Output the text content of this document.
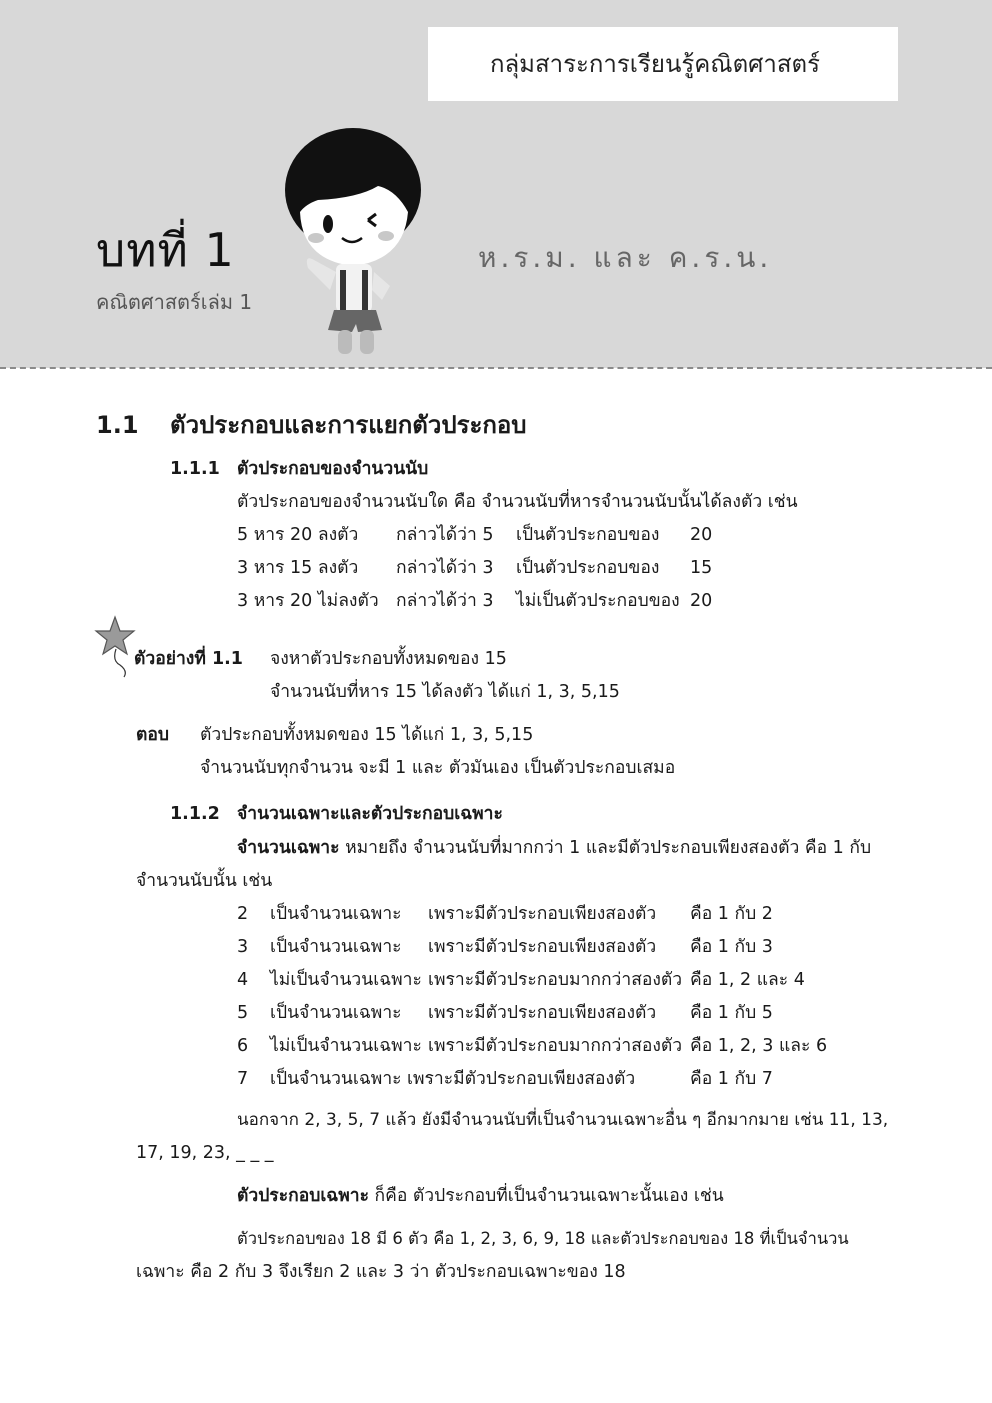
กลุ่มสาระการเรียนรู้คณิตศาสตร์
บทที่ 1
คณิตศาสตร์เล่ม 1
ห.ร.ม. และ ค.ร.น.
1.1 ตัวประกอบและการแยกตัวประกอบ
1.1.1 ตัวประกอบของจำนวนนับ
ตัวประกอบของจำนวนนับใด คือ จำนวนนับที่หารจำนวนนับนั้นได้ลงตัว เช่น
5 หาร 20 ลงตัว กล่าวได้ว่า 5 เป็นตัวประกอบของ 20
3 หาร 15 ลงตัว กล่าวได้ว่า 3 เป็นตัวประกอบของ 15
3 หาร 20 ไม่ลงตัว กล่าวได้ว่า 3 ไม่เป็นตัวประกอบของ 20
ตัวอย่างที่ 1.1 จงหาตัวประกอบทั้งหมดของ 15
จำนวนนับที่หาร 15 ได้ลงตัว ได้แก่ 1, 3, 5,15
ตอบ ตัวประกอบทั้งหมดของ 15 ได้แก่ 1, 3, 5,15
จำนวนนับทุกจำนวน จะมี 1 และ ตัวมันเอง เป็นตัวประกอบเสมอ
1.1.2 จำนวนเฉพาะและตัวประกอบเฉพาะ
จำนวนเฉพาะ หมายถึง จำนวนนับที่มากกว่า 1 และมีตัวประกอบเพียงสองตัว คือ 1 กับ
จำนวนนับนั้น เช่น
2 เป็นจำนวนเฉพาะ เพราะมีตัวประกอบเพียงสองตัว คือ 1 กับ 2
3 เป็นจำนวนเฉพาะ เพราะมีตัวประกอบเพียงสองตัว คือ 1 กับ 3
4 ไม่เป็นจำนวนเฉพาะ เพราะมีตัวประกอบมากกว่าสองตัว คือ 1, 2 และ 4
5 เป็นจำนวนเฉพาะ เพราะมีตัวประกอบเพียงสองตัว คือ 1 กับ 5
6 ไม่เป็นจำนวนเฉพาะ เพราะมีตัวประกอบมากกว่าสองตัว คือ 1, 2, 3 และ 6
7 เป็นจำนวนเฉพาะ เพราะมีตัวประกอบเพียงสองตัว	คือ 1 กับ 7
นอกจาก 2, 3, 5, 7 แล้ว ยังมีจำนวนนับที่เป็นจำนวนเฉพาะอื่น ๆ อีกมากมาย เช่น 11, 13,
17, 19, 23, _ _ _
ตัวประกอบเฉพาะ ก็คือ ตัวประกอบที่เป็นจำนวนเฉพาะนั้นเอง เช่น
ตัวประกอบของ 18 มี 6 ตัว คือ 1, 2, 3, 6, 9, 18 และตัวประกอบของ 18 ที่เป็นจำนวน
เฉพาะ คือ 2 กับ 3 จึงเรียก 2 และ 3 ว่า ตัวประกอบเฉพาะของ 18
